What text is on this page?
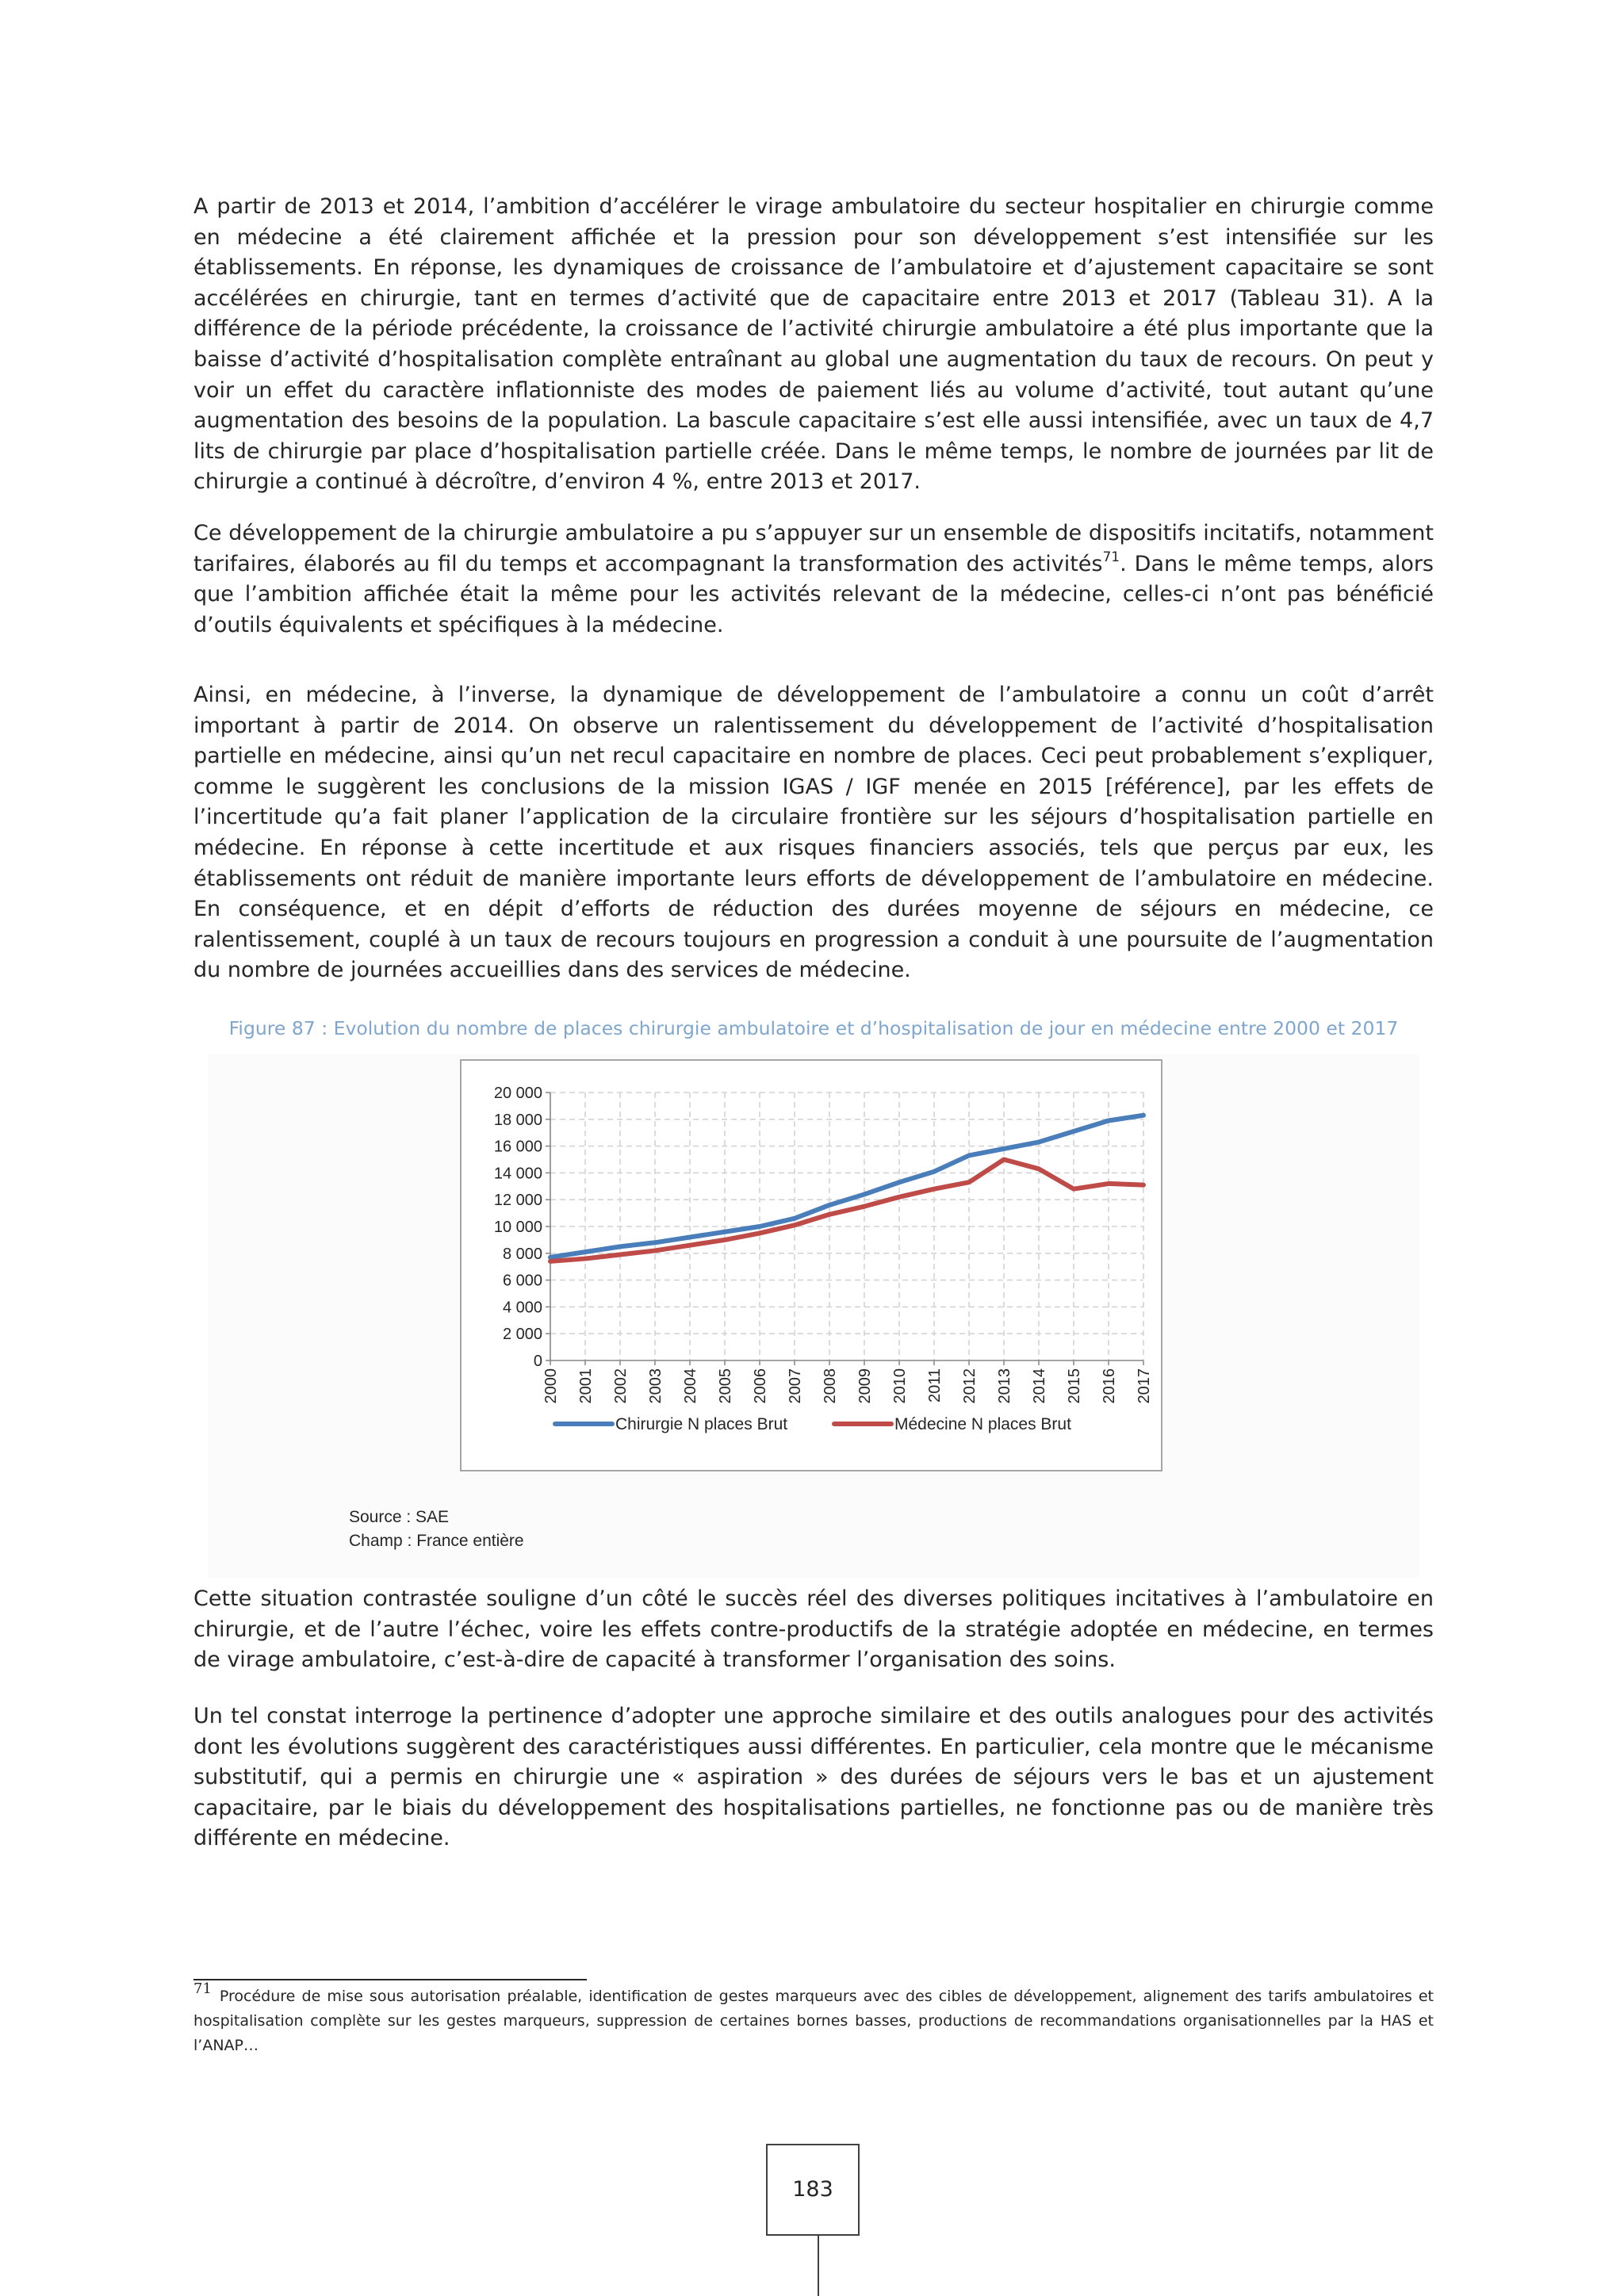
A partir de 2013 et 2014, l’ambition d’accélérer le virage ambulatoire du secteur hospitalier en chirurgie comme en médecine a été clairement affichée et la pression pour son développement s’est intensifiée sur les établissements. En réponse, les dynamiques de croissance de l’ambulatoire et d’ajustement capacitaire se sont accélérées en chirurgie, tant en termes d’activité que de capacitaire entre 2013 et 2017 (Tableau 31). A la différence de la période précédente, la croissance de l’activité chirurgie ambulatoire a été plus importante que la baisse d’activité d’hospitalisation complète entraînant au global une augmentation du taux de recours. On peut y voir un effet du caractère inflationniste des modes de paiement liés au volume d’activité, tout autant qu’une augmentation des besoins de la population. La bascule capacitaire s’est elle aussi intensifiée, avec un taux de 4,7 lits de chirurgie par place d’hospitalisation partielle créée. Dans le même temps, le nombre de journées par lit de chirurgie a continué à décroître, d’environ 4 %, entre 2013 et 2017.

Ce développement de la chirurgie ambulatoire a pu s’appuyer sur un ensemble de dispositifs incitatifs, notamment tarifaires, élaborés au fil du temps et accompagnant la transformation des activités$^{71}$. Dans le même temps, alors que l’ambition affichée était la même pour les activités relevant de la médecine, celles-ci n’ont pas bénéficié d’outils équivalents et spécifiques à la médecine.

Ainsi, en médecine, à l’inverse, la dynamique de développement de l’ambulatoire a connu un coût d’arrêt important à partir de 2014. On observe un ralentissement du développement de l’activité d’hospitalisation partielle en médecine, ainsi qu’un net recul capacitaire en nombre de places. Ceci peut probablement s’expliquer, comme le suggèrent les conclusions de la mission IGAS / IGF menée en 2015 [référence], par les effets de l’incertitude qu’a fait planer l’application de la circulaire frontière sur les séjours d’hospitalisation partielle en médecine. En réponse à cette incertitude et aux risques financiers associés, tels que perçus par eux, les établissements ont réduit de manière importante leurs efforts de développement de l’ambulatoire en médecine. En conséquence, et en dépit d’efforts de réduction des durées moyenne de séjours en médecine, ce ralentissement, couplé à un taux de recours toujours en progression a conduit à une poursuite de l’augmentation du nombre de journées accueillies dans des services de médecine.

Figure 87 : Evolution du nombre de places chirurgie ambulatoire et d’hospitalisation de jour en médecine entre 2000 et 2017

0
2 000
4 000
6 000
8 000
10 000
12 000
14 000
16 000
18 000
20 000
2000 2001 2002 2003 2004 2005 2006 2007 2008 2009 2010 2011 2012 2013 2014 2015 2016 2017
Chirurgie N places Brut	Médecine N places Brut
Source : SAE
Champ : France entière

Cette situation contrastée souligne d’un côté le succès réel des diverses politiques incitatives à l’ambulatoire en chirurgie, et de l’autre l’échec, voire les effets contre-productifs de la stratégie adoptée en médecine, en termes de virage ambulatoire, c’est-à-dire de capacité à transformer l’organisation des soins.

Un tel constat interroge la pertinence d’adopter une approche similaire et des outils analogues pour des activités dont les évolutions suggèrent des caractéristiques aussi différentes. En particulier, cela montre que le mécanisme substitutif, qui a permis en chirurgie une « aspiration » des durées de séjours vers le bas et un ajustement capacitaire, par le biais du développement des hospitalisations partielles, ne fonctionne pas ou de manière très différente en médecine.

$^{71}$ Procédure de mise sous autorisation préalable, identification de gestes marqueurs avec des cibles de développement, alignement des tarifs ambulatoires et hospitalisation complète sur les gestes marqueurs, suppression de certaines bornes basses, productions de recommandations organisationnelles par la HAS et l’ANAP…

183
